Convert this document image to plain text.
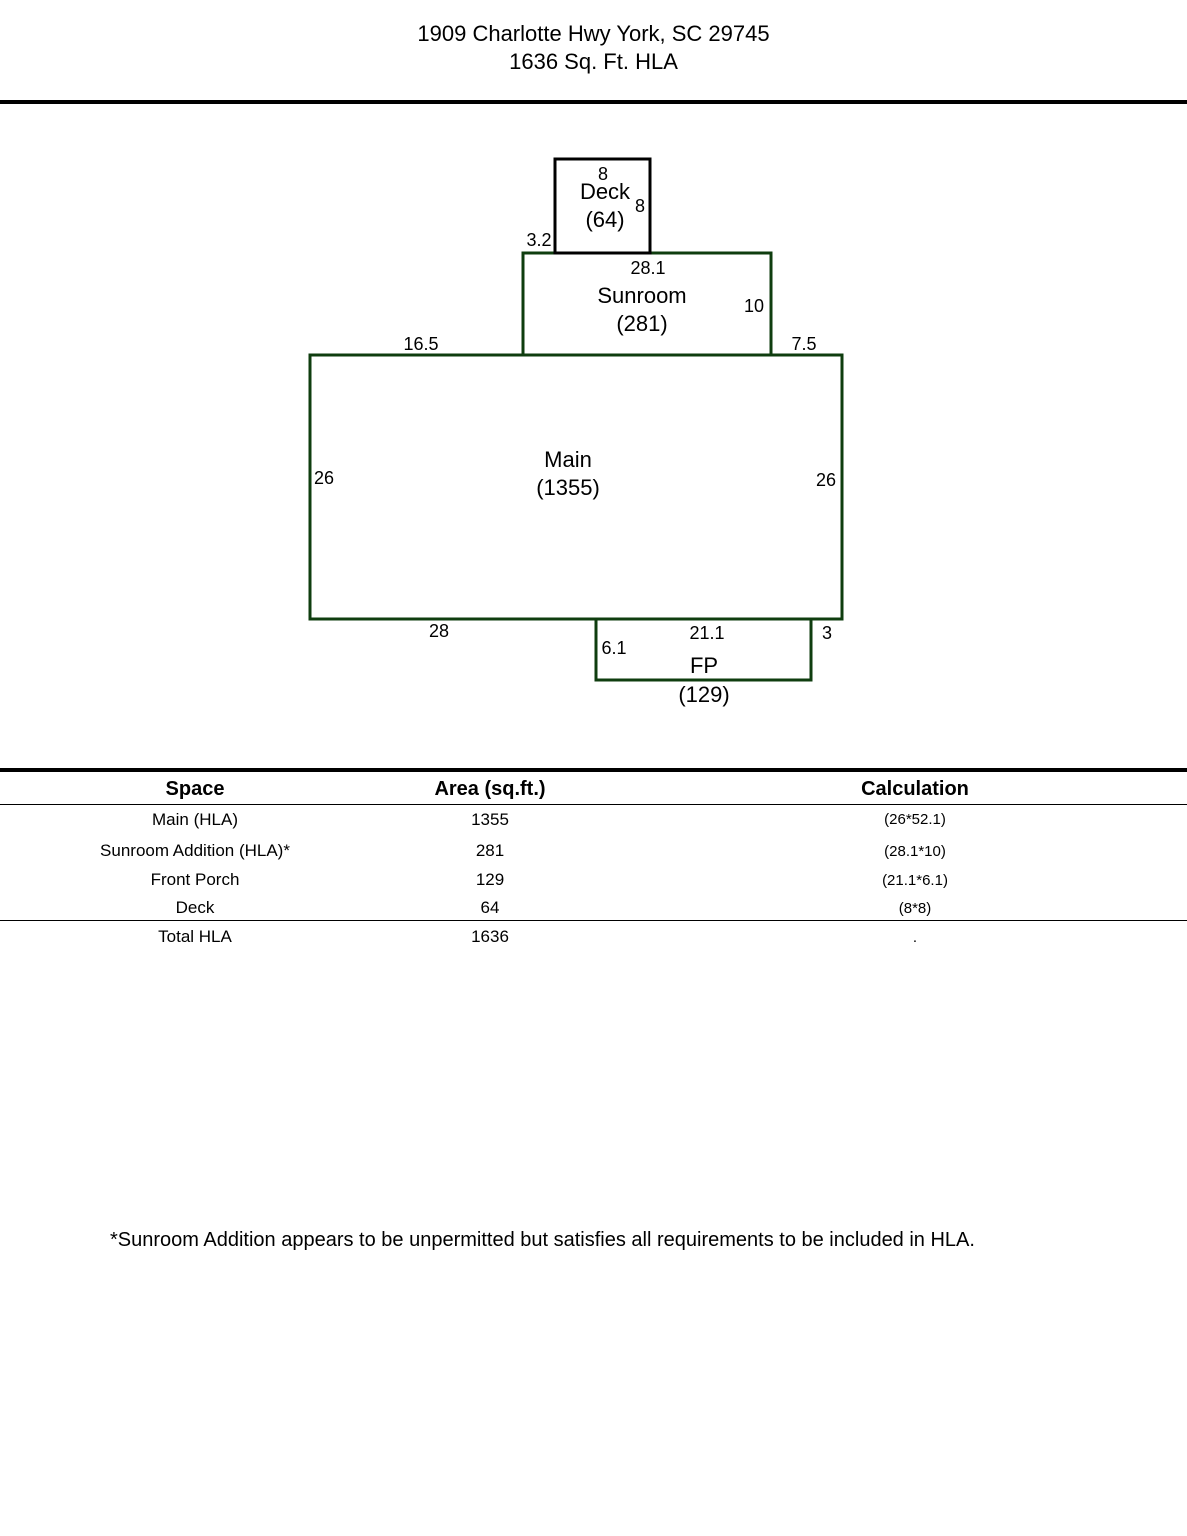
1909 Charlotte Hwy York, SC 29745
1636 Sq. Ft. HLA
8
Deck
8
(64)
3.2
28.1
Sunroom	10
(281)
16.5	7.5
Main
(1355)
26	26
28	21.1	3
6.1
FP
(129)
Space	Area (sq.ft.)	Calculation
Main (HLA)	1355	(26*52.1)
Sunroom Addition (HLA)*	281	(28.1*10)
Front Porch	129	(21.1*6.1)
Deck	64	(8*8)
Total HLA	1636	.
*Sunroom Addition appears to be unpermitted but satisfies all requirements to be included in HLA.
